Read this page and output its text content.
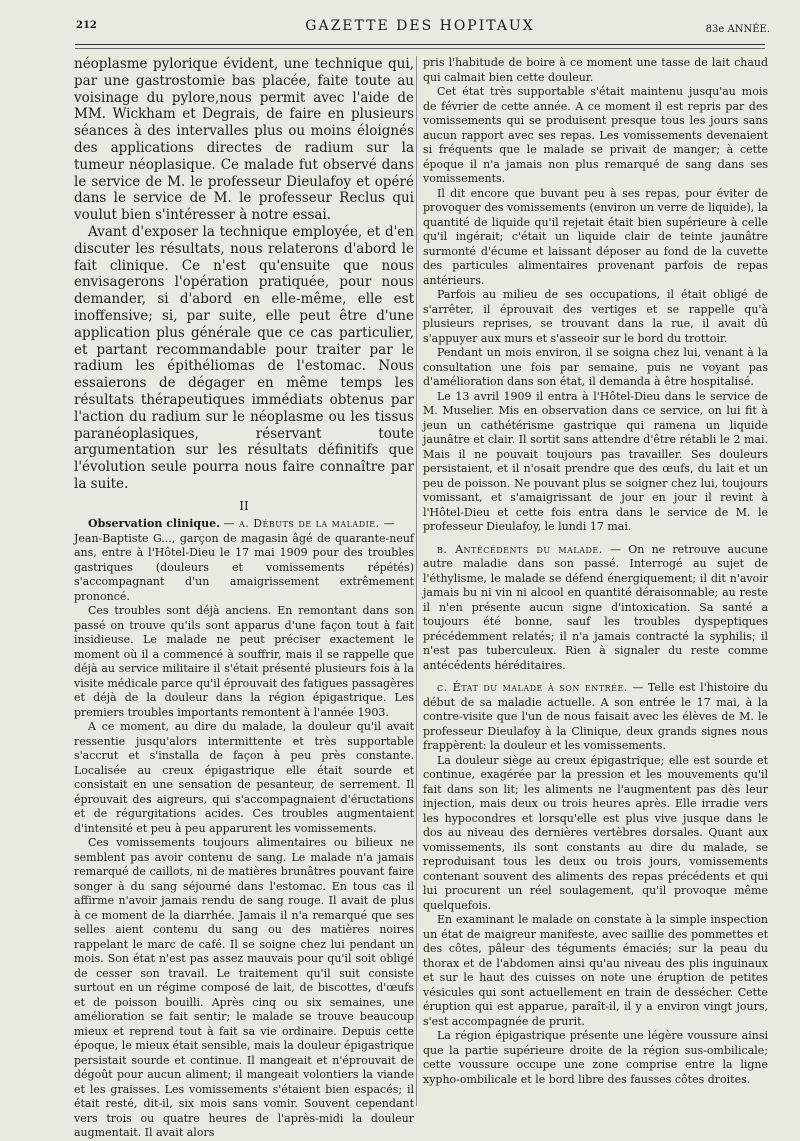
212	GAZETTE DES HOPITAUX	83e ANNÉE.

néoplasme pylorique évident, une technique qui, par une gastrostomie bas placée, faite toute au voisinage du pylore,nous permit avec l'aide de MM. Wickham et Degrais, de faire en plusieurs séances à des intervalles plus ou moins éloignés des applications directes de radium sur la tumeur néoplasique. Ce malade fut observé dans le service de M. le professeur Dieulafoy et opéré dans le service de M. le professeur Reclus qui voulut bien s'intéresser à notre essai.

Avant d'exposer la technique employée, et d'en discuter les résultats, nous relaterons d'abord le fait clinique. Ce n'est qu'ensuite que nous envisagerons l'opération pratiquée, pour nous demander, si d'abord en elle-même, elle est inoffensive; si, par suite, elle peut être d'une application plus générale que ce cas particulier, et partant recommandable pour traiter par le radium les épithéliomas de l'estomac. Nous essaierons de dégager en même temps les résultats thérapeutiques immédiats obtenus par l'action du radium sur le néoplasme ou les tissus paranéoplasiques, réservant toute argumentation sur les résultats définitifs que l'évolution seule pourra nous faire connaître par la suite.

II

Observation clinique. — a. Débuts de la maladie. —

Jean-Baptiste G..., garçon de magasin âgé de quarante-neuf ans, entre à l'Hôtel-Dieu le 17 mai 1909 pour des troubles gastriques (douleurs et vomissements répétés) s'accompagnant d'un amaigrissement extrêmement prononcé.

Ces troubles sont déjà anciens. En remontant dans son passé on trouve qu'ils sont apparus d'une façon tout à fait insidieuse. Le malade ne peut préciser exactement le moment où il a commencé à souffrir, mais il se rappelle que déjà au service militaire il s'était présenté plusieurs fois à la visite médicale parce qu'il éprouvait des fatigues passagères et déjà de la douleur dans la région épigastrique. Les premiers troubles importants remontent à l'année 1903.

A ce moment, au dire du malade, la douleur qu'il avait ressentie jusqu'alors intermittente et très supportable s'accrut et s'installa de façon à peu près constante. Localisée au creux épigastrique elle était sourde et consistait en une sensation de pesanteur, de serrement. Il éprouvait des aigreurs, qui s'accompagnaient d'éructations et de régurgitations acides. Ces troubles augmentaient d'intensité et peu à peu apparurent les vomissements.

Ces vomissements toujours alimentaires ou bilieux ne semblent pas avoir contenu de sang. Le malade n'a jamais remarqué de caillots, ni de matières brunâtres pouvant faire songer à du sang séjourné dans l'estomac. En tous cas il affirme n'avoir jamais rendu de sang rouge. Il avait de plus à ce moment de la diarrhée. Jamais il n'a remarqué que ses selles aient contenu du sang ou des matières noires rappelant le marc de café. Il se soigne chez lui pendant un mois. Son état n'est pas assez mauvais pour qu'il soit obligé de cesser son travail. Le traitement qu'il suit consiste surtout en un régime composé de lait, de biscottes, d'œufs et de poisson bouilli. Après cinq ou six semaines, une amélioration se fait sentir; le malade se trouve beaucoup mieux et reprend tout à fait sa vie ordinaire. Depuis cette époque, le mieux était sensible, mais la douleur épigastrique persistait sourde et continue. Il mangeait et n'éprouvait de dégoût pour aucun aliment; il mangeait volontiers la viande et les graisses. Les vomissements s'étaient bien espacés; il était resté, dit-il, six mois sans vomir. Souvent cependant vers trois ou quatre heures de l'après-midi la douleur augmentait. Il avait alors

pris l'habitude de boire à ce moment une tasse de lait chaud qui calmait bien cette douleur.

Cet état très supportable s'était maintenu jusqu'au mois de février de cette année. A ce moment il est repris par des vomissements qui se produisent presque tous les jours sans aucun rapport avec ses repas. Les vomissements devenaient si fréquents que le malade se privait de manger; à cette époque il n'a jamais non plus remarqué de sang dans ses vomissements.

Il dit encore que buvant peu à ses repas, pour éviter de provoquer des vomissements (environ un verre de liquide), la quantité de liquide qu'il rejetait était bien supérieure à celle qu'il ingérait; c'était un liquide clair de teinte jaunâtre surmonté d'écume et laissant déposer au fond de la cuvette des particules alimentaires provenant parfois de repas antérieurs.

Parfois au milieu de ses occupations, il était obligé de s'arrêter, il éprouvait des vertiges et se rappelle qu'à plusieurs reprises, se trouvant dans la rue, il avait dû s'appuyer aux murs et s'asseoir sur le bord du trottoir.

Pendant un mois environ, il se soigna chez lui, venant à la consultation une fois par semaine, puis ne voyant pas d'amélioration dans son état, il demanda à être hospitalisé.

Le 13 avril 1909 il entra à l'Hôtel-Dieu dans le service de M. Muselier. Mis en observation dans ce service, on lui fit à jeun un cathétérisme gastrique qui ramena un liquide jaunâtre et clair. Il sortit sans attendre d'être rétabli le 2 mai. Mais il ne pouvait toujours pas travailler. Ses douleurs persistaient, et il n'osait prendre que des œufs, du lait et un peu de poisson. Ne pouvant plus se soigner chez lui, toujours vomissant, et s'amaigrissant de jour en jour il revint à l'Hôtel-Dieu et cette fois entra dans le service de M. le professeur Dieulafoy, le lundi 17 mai.

b. Antécédents du malade. — On ne retrouve aucune autre maladie dans son passé. Interrogé au sujet de l'éthylisme, le malade se défend énergiquement; il dit n'avoir jamais bu ni vin ni alcool en quantité déraisonnable; au reste il n'en présente aucun signe d'intoxication. Sa santé a toujours été bonne, sauf les troubles dyspeptiques précédemment relatés; il n'a jamais contracté la syphilis; il n'est pas tuberculeux. Rien à signaler du reste comme antécédents héréditaires.

c. État du malade à son entrée. — Telle est l'histoire du début de sa maladie actuelle. A son entrée le 17 mai, à la contre-visite que l'un de nous faisait avec les élèves de M. le professeur Dieulafoy à la Clinique, deux grands signes nous frappèrent: la douleur et les vomissements.

La douleur siège au creux épigastrique; elle est sourde et continue, exagérée par la pression et les mouvements qu'il fait dans son lit; les aliments ne l'augmentent pas dès leur injection, mais deux ou trois heures après. Elle irradie vers les hypocondres et lorsqu'elle est plus vive jusque dans le dos au niveau des dernières vertèbres dorsales. Quant aux vomissements, ils sont constants au dire du malade, se reproduisant tous les deux ou trois jours, vomissements contenant souvent des aliments des repas précédents et qui lui procurent un réel soulagement, qu'il provoque même quelquefois.

En examinant le malade on constate à la simple inspection un état de maigreur manifeste, avec saillie des pommettes et des côtes, pâleur des téguments émaciés; sur la peau du thorax et de l'abdomen ainsi qu'au niveau des plis inguinaux et sur le haut des cuisses on note une éruption de petites vésicules qui sont actuellement en train de dessécher. Cette éruption qui est apparue, paraît-il, il y a environ vingt jours, s'est accompagnée de prurit.

La région épigastrique présente une légère voussure ainsi que la partie supérieure droite de la région sus-ombilicale; cette voussure occupe une zone comprise entre la ligne xypho-ombilicale et le bord libre des fausses côtes droites.
